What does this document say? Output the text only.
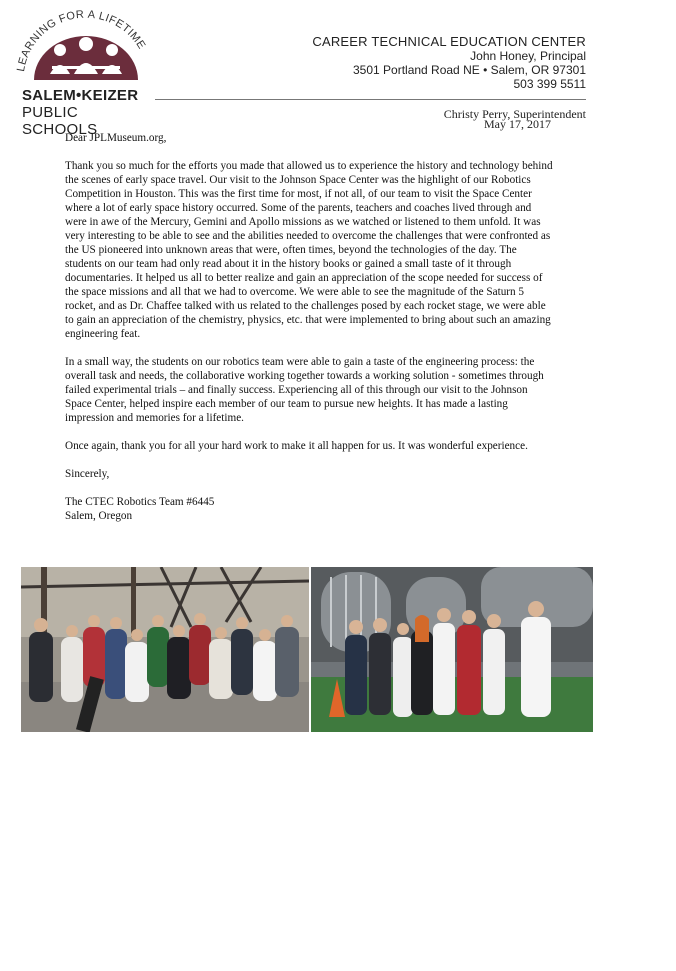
LEARNING FOR A LIFETIME
SALEM•KEIZER
PUBLIC SCHOOLS
CAREER TECHNICAL EDUCATION CENTER
John Honey, Principal
3501 Portland Road NE • Salem, OR 97301
503 399 5511
Christy Perry, Superintendent
May 17, 2017

Dear JPLMuseum.org,

Thank you so much for the efforts you made that allowed us to experience the history and technology behind the scenes of early space travel. Our visit to the Johnson Space Center was the highlight of our Robotics Competition in Houston. This was the first time for most, if not all, of our team to visit the Space Center where a lot of early space history occurred. Some of the parents, teachers and coaches lived through and were in awe of the Mercury, Gemini and Apollo missions as we watched or listened to them unfold. It was very interesting to be able to see and the abilities needed to overcome the challenges that were confronted as the US pioneered into unknown areas that were, often times, beyond the technologies of the day. The students on our team had only read about it in the history books or gained a small taste of it through documentaries. It helped us all to better realize and gain an appreciation of the scope needed for success of the space missions and all that we had to overcome. We were able to see the magnitude of the Saturn 5 rocket, and as Dr. Chaffee talked with us related to the challenges posed by each rocket stage, we were able to gain an appreciation of the chemistry, physics, etc. that were implemented to bring about such an amazing engineering feat.

In a small way, the students on our robotics team were able to gain a taste of the engineering process: the overall task and needs, the collaborative working together towards a working solution - sometimes through failed experimental trials – and finally success. Experiencing all of this through our visit to the Johnson Space Center, helped inspire each member of our team to pursue new heights. It has made a lasting impression and memories for a lifetime.

Once again, thank you for all your hard work to make it all happen for us. It was wonderful experience.

Sincerely,

The CTEC Robotics Team #6445

Salem, Oregon
